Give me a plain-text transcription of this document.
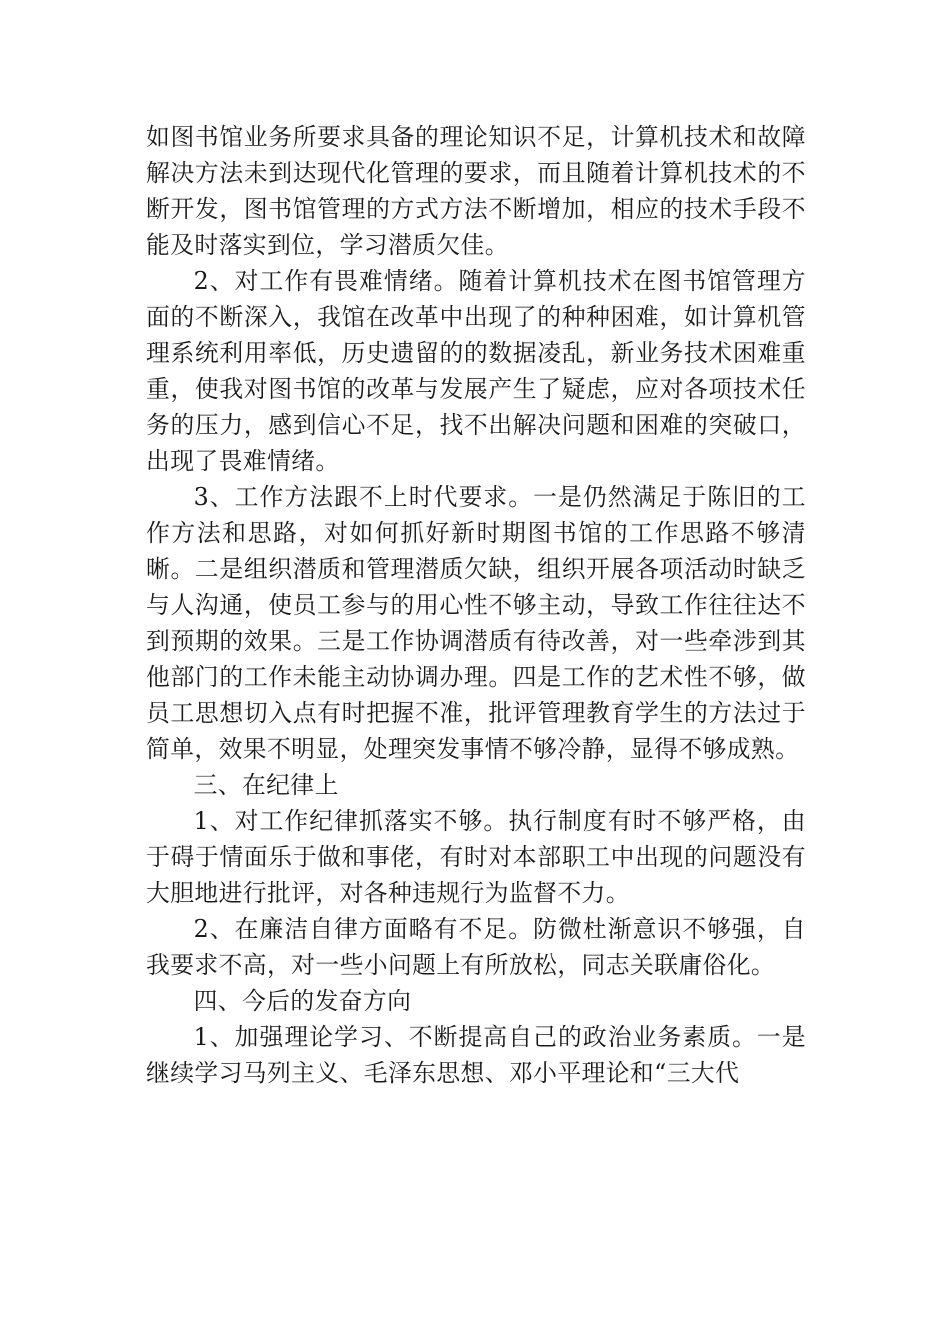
如图书馆业务所要求具备的理论知识不足，计算机技术和故障解决方法未到达现代化管理的要求，而且随着计算机技术的不断开发，图书馆管理的方式方法不断增加，相应的技术手段不能及时落实到位，学习潜质欠佳。

2、对工作有畏难情绪。随着计算机技术在图书馆管理方面的不断深入，我馆在改革中出现了的种种困难，如计算机管理系统利用率低，历史遗留的的数据凌乱，新业务技术困难重重，使我对图书馆的改革与发展产生了疑虑，应对各项技术任务的压力，感到信心不足，找不出解决问题和困难的突破口，出现了畏难情绪。

3、工作方法跟不上时代要求。一是仍然满足于陈旧的工作方法和思路，对如何抓好新时期图书馆的工作思路不够清晰。二是组织潜质和管理潜质欠缺，组织开展各项活动时缺乏与人沟通，使员工参与的用心性不够主动，导致工作往往达不到预期的效果。三是工作协调潜质有待改善，对一些牵涉到其他部门的工作未能主动协调办理。四是工作的艺术性不够，做员工思想切入点有时把握不准，批评管理教育学生的方法过于简单，效果不明显，处理突发事情不够冷静，显得不够成熟。

三、在纪律上

1、对工作纪律抓落实不够。执行制度有时不够严格，由于碍于情面乐于做和事佬，有时对本部职工中出现的问题没有大胆地进行批评，对各种违规行为监督不力。

2、在廉洁自律方面略有不足。防微杜渐意识不够强，自我要求不高，对一些小问题上有所放松，同志关联庸俗化。

四、今后的发奋方向

1、加强理论学习、不断提高自己的政治业务素质。一是继续学习马列主义、毛泽东思想、邓小平理论和“三大代
